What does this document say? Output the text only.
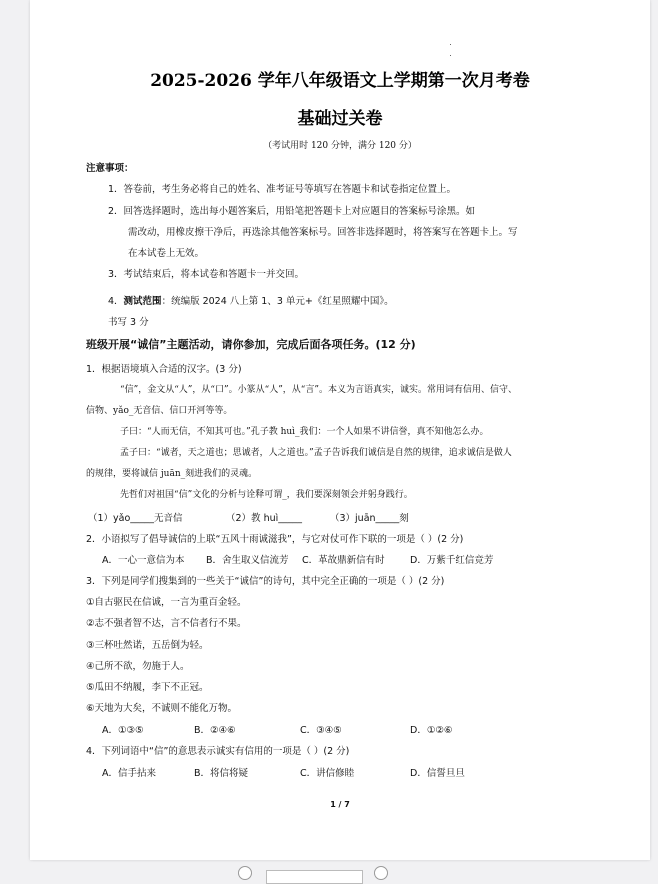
2025-2026 学年八年级语文上学期第一次月考卷
基础过关卷
（考试用时 120 分钟，满分 120 分）
注意事项：
1．答卷前，考生务必将自己的姓名、准考证号等填写在答题卡和试卷指定位置上。
2．回答选择题时，选出每小题答案后，用铅笔把答题卡上对应题目的答案标号涂黑。如
需改动，用橡皮擦干净后，再选涂其他答案标号。回答非选择题时，将答案写在答题卡上。写
在本试卷上无效。
3．考试结束后，将本试卷和答题卡一并交回。
4．测试范围：统编版 2024 八上第 1、3 单元+《红星照耀中国》。
书写 3 分
班级开展“诚信”主题活动，请你参加，完成后面各项任务。(12 分)
1．根据语境填入合适的汉字。(3 分)
“信”，金文从“人”，从“口”。小篆从“人”，从“言”。本义为言语真实，诚实。常用词有信用、信守、
信物、yǎo_无音信、信口开河等等。
子曰：“人而无信，不知其可也。”孔子教 huì_我们：一个人如果不讲信誉，真不知他怎么办。
孟子曰：“诚者，天之道也；思诚者，人之道也。”孟子告诉我们诚信是自然的规律，追求诚信是做人
的规律，要将诚信 juān_刻进我们的灵魂。
先哲们对祖国“信”文化的分析与诠释可谓_，我们要深刻领会并躬身践行。
（1）yǎo_____无音信	（2）教 huì_____	（3）juān_____刻
2．小语拟写了倡导诚信的上联“五风十雨诚滋我”，与它对仗可作下联的一项是（ ）(2 分)
A．一心一意信为本 B．舍生取义信流芳 C．革故鼎新信有时	D．万紫千红信竞芳
3．下列是同学们搜集到的一些关于“诚信”的诗句，其中完全正确的一项是（ ）(2 分)
①自古驱民在信诚，一言为重百金轻。
②志不强者智不达，言不信者行不果。
③三杯吐然诺，五岳倒为轻。
④己所不欲，勿施于人。
⑤瓜田不纳履，李下不正冠。
⑥天地为大矣，不诚则不能化万物。
A．①③⑤	B．②④⑥	C．③④⑤	D．①②⑥
4．下列词语中“信”的意思表示诚实有信用的一项是（ ）(2 分)
A．信手拈来	B．将信将疑	C．讲信修睦	D．信誓旦旦
1 / 7
